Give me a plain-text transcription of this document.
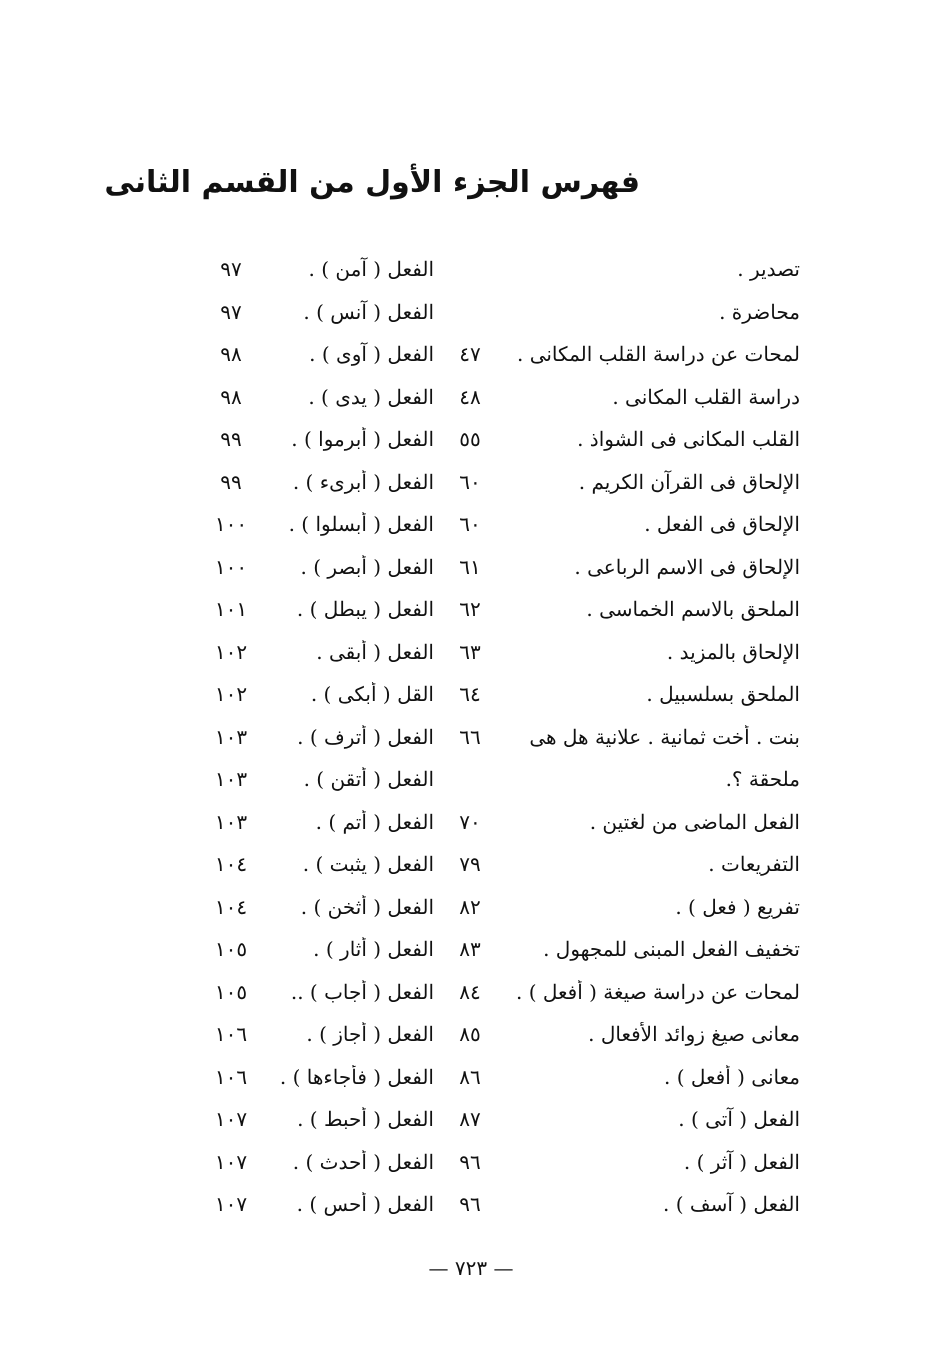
فهرس الجزء الأول من القسم الثانى
تصدير .
محاضرة .
٤٧	لمحات عن دراسة القلب المكانى .
٤٨	دراسة القلب المكانى .
٥٥	القلب المكانى فى الشواذ .
٦٠	الإلحاق فى القرآن الكريم .
٦٠	الإلحاق فى الفعل .
٦١	الإلحاق فى الاسم الرباعى .
٦٢	الملحق بالاسم الخماسى .
٦٣	الإلحاق بالمزيد .
٦٤	الملحق بسلسبيل .
٦٦	بنت . أخت ثمانية . علانية هل هى
ملحقة ؟.
٧٠	الفعل الماضى من لغتين .
٧٩	التفريعات .
٨٢	تفريع ( فعل ) .
٨٣	تخفيف الفعل المبنى للمجهول .
٨٤	لمحات عن دراسة صيغة ( أفعل ) .
٨٥	معانى صيغ زوائد الأفعال .
٨٦	معانى ( أفعل ) .
٨٧	الفعل ( آتى ) .
٩٦	الفعل ( آثر ) .
٩٦	الفعل ( آسف ) .
٩٧	الفعل ( آمن ) .
٩٧	الفعل ( آنس ) .
٩٨	الفعل ( آوى ) .
٩٨	الفعل ( يدى ) .
٩٩	الفعل ( أبرموا ) .
٩٩	الفعل ( أبرىء ) .
١٠٠	الفعل ( أبسلوا ) .
١٠٠	الفعل ( أبصر ) .
١٠١	الفعل ( يبطل ) .
١٠٢	الفعل ( أبقى .
١٠٢	القل ( أبكى ) .
١٠٣	الفعل ( أترف ) .
١٠٣	الفعل ( أتقن ) .
١٠٣	الفعل ( أتم ) .
١٠٤	الفعل ( يثبت ) .
١٠٤	الفعل ( أثخن ) .
١٠٥	الفعل ( أثار ) .
١٠٥	الفعل ( أجاب ) ..
١٠٦	الفعل ( أجاز ) .
١٠٦	الفعل ( فأجاءها ) .
١٠٧	الفعل ( أحبط ) .
١٠٧	الفعل ( أحدث ) .
١٠٧	الفعل ( أحس ) .
— ٧٢٣ —
